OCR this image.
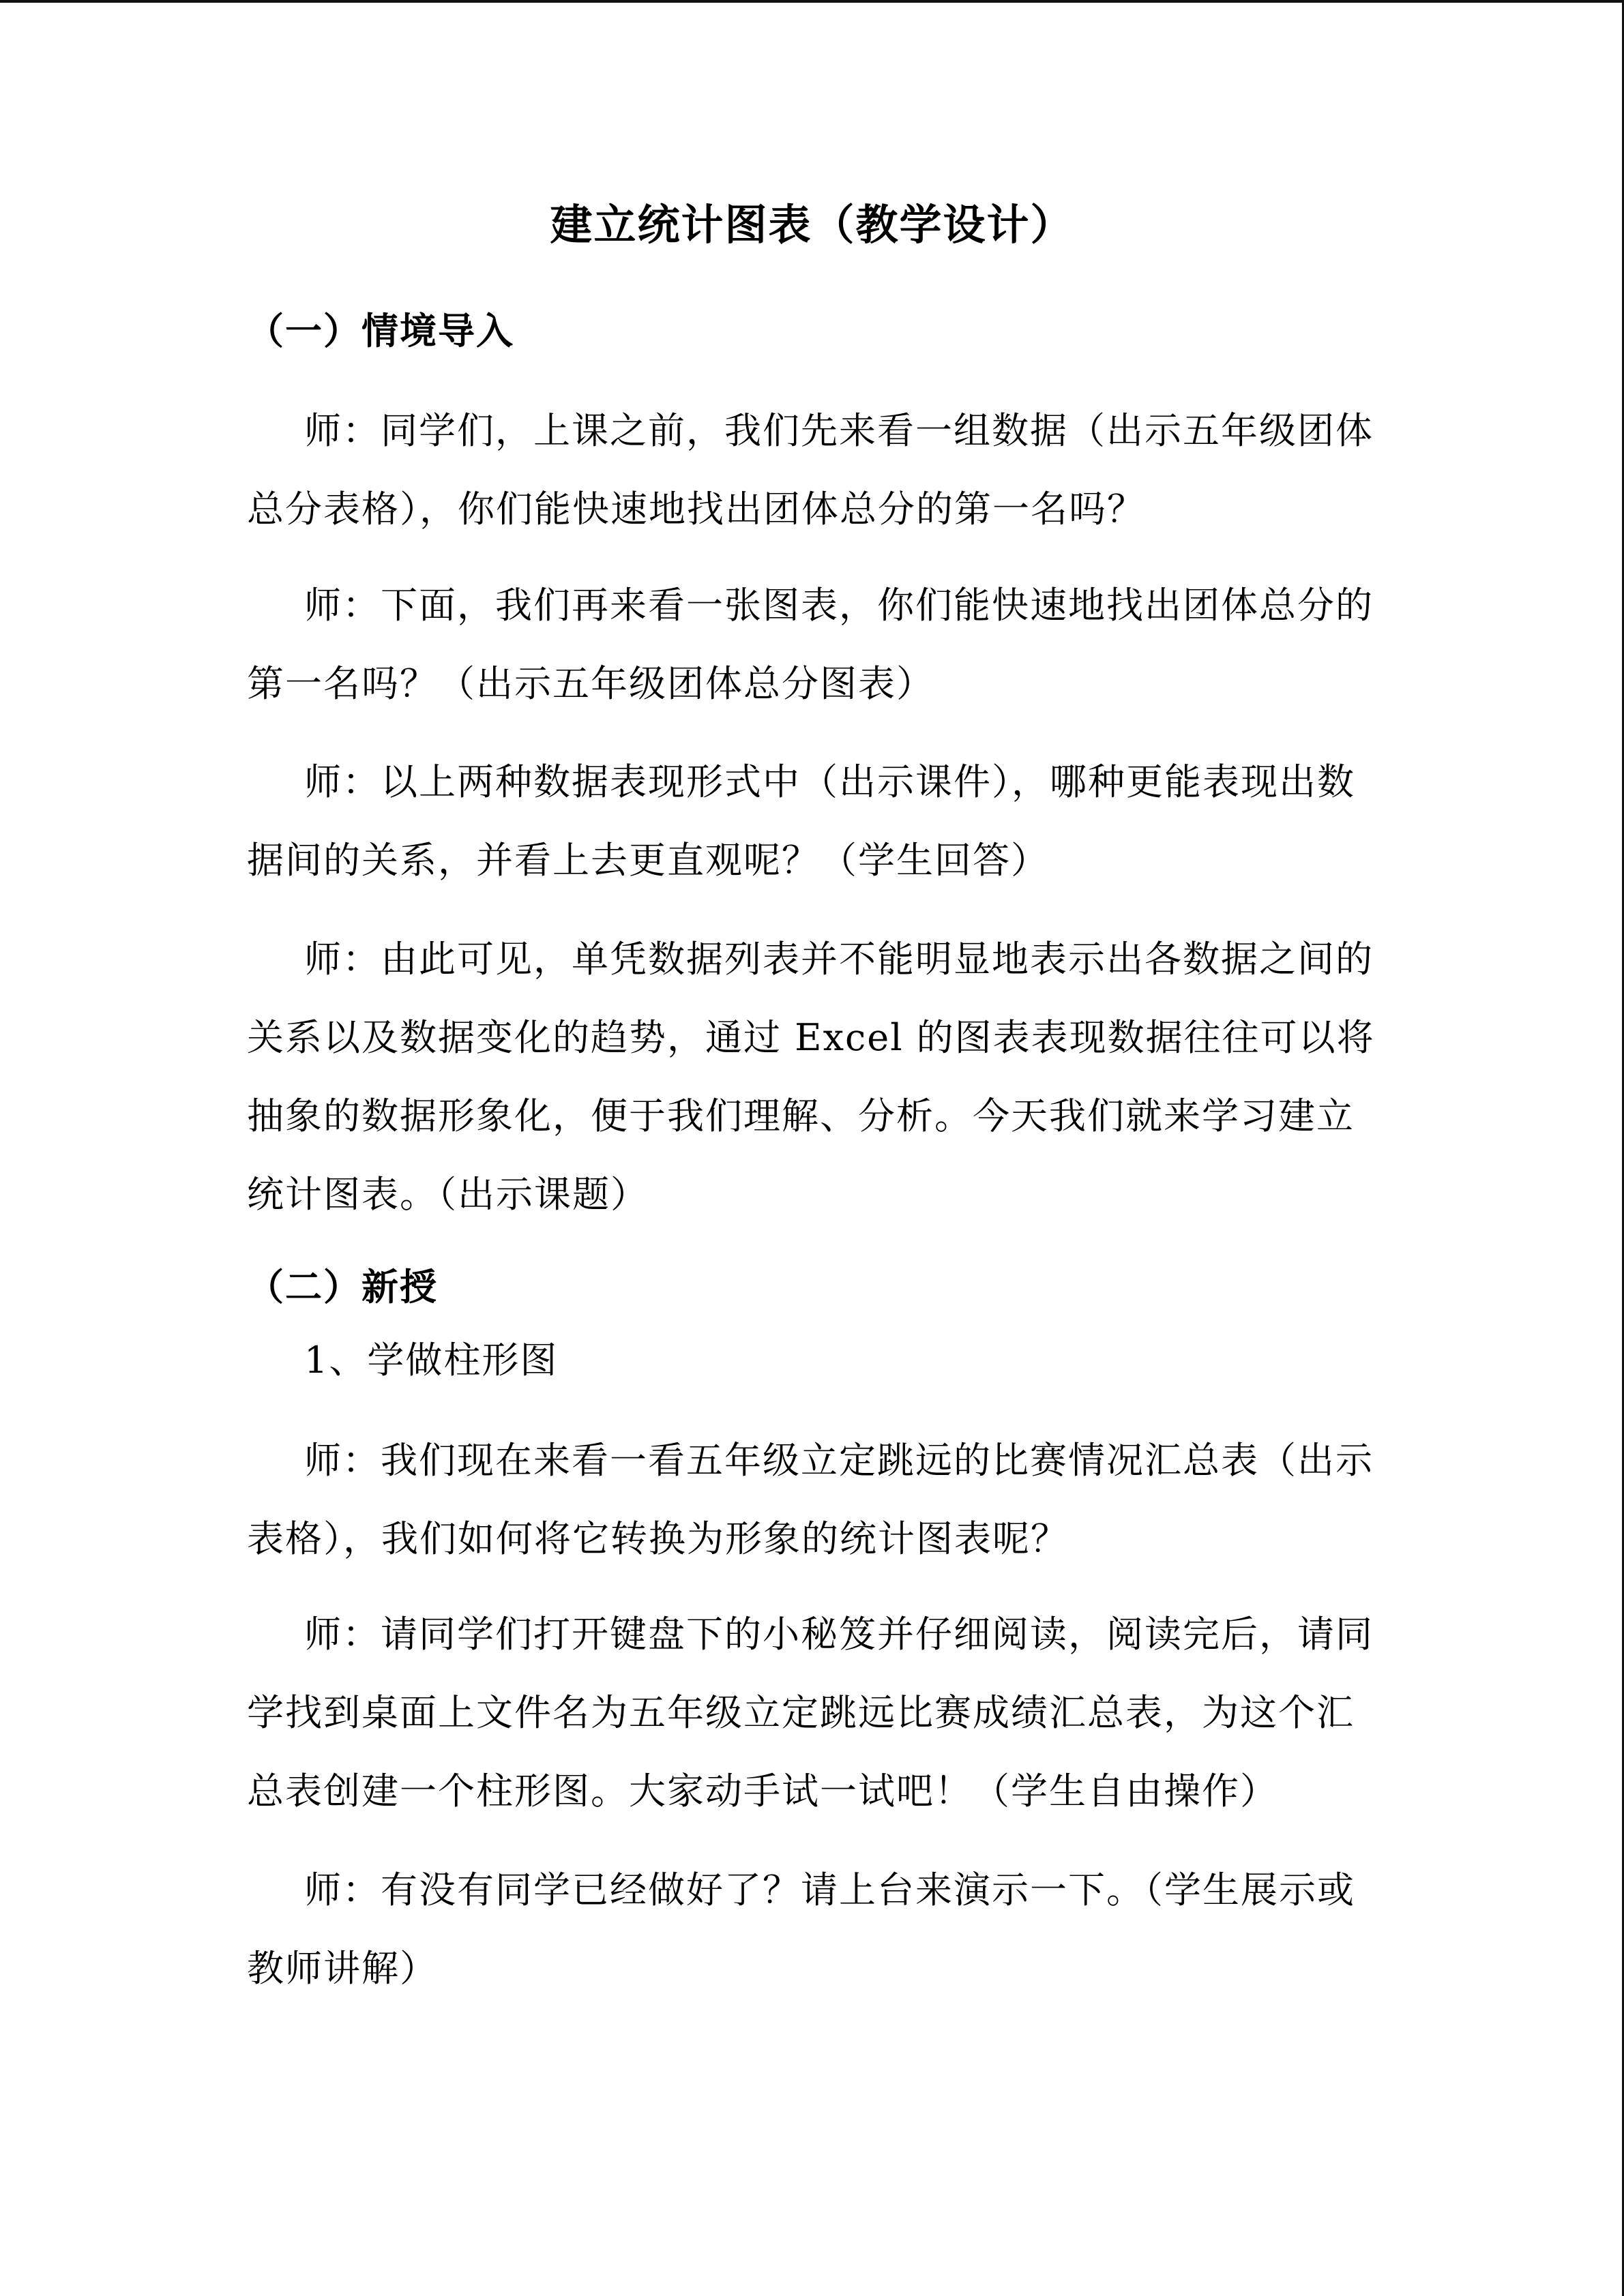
建立统计图表（教学设计）
（一）情境导入
师：同学们，上课之前，我们先来看一组数据（出示五年级团体
总分表格），你们能快速地找出团体总分的第一名吗？
师：下面，我们再来看一张图表，你们能快速地找出团体总分的
第一名吗？（出示五年级团体总分图表）
师：以上两种数据表现形式中（出示课件），哪种更能表现出数
据间的关系，并看上去更直观呢？（学生回答）
师：由此可见，单凭数据列表并不能明显地表示出各数据之间的
关系以及数据变化的趋势，通过 Excel 的图表表现数据往往可以将
抽象的数据形象化，便于我们理解、分析。今天我们就来学习建立
统计图表。（出示课题）
（二）新授
1、学做柱形图
师：我们现在来看一看五年级立定跳远的比赛情况汇总表（出示
表格），我们如何将它转换为形象的统计图表呢？
师：请同学们打开键盘下的小秘笈并仔细阅读，阅读完后，请同
学找到桌面上文件名为五年级立定跳远比赛成绩汇总表，为这个汇
总表创建一个柱形图。大家动手试一试吧！（学生自由操作）
师：有没有同学已经做好了？请上台来演示一下。（学生展示或
教师讲解）
